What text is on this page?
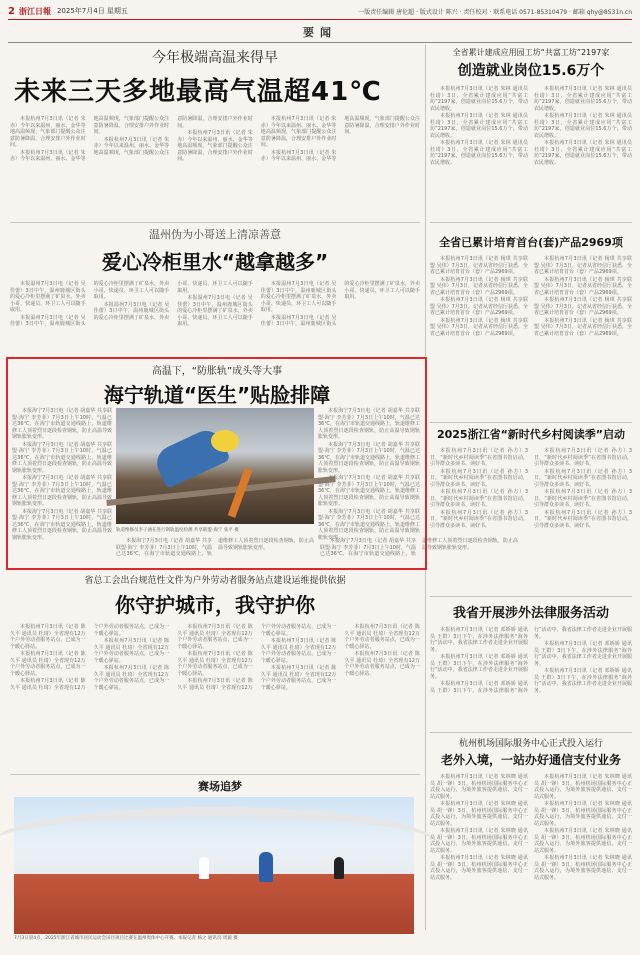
2 浙江日報 2025年7月4日 星期五	一版责任编辑 唐伦超 · 版式设计 陈兴 · 责任校对 · 联系电话 0571-85310479 · 邮箱 qhy@8531n.cn
要闻
今年极端高温来得早
未来三天多地最高气温超41℃

本报杭州7月3日讯（记者 朱赤）今年以来温州、丽水、金华等地高温频现，气象部门提醒公众注意防暑降温，合理安排户外作业时间。

本报杭州7月3日讯（记者 朱赤）今年以来温州、丽水、金华等地高温频现，气象部门提醒公众注意防暑降温，合理安排户外作业时间。

本报杭州7月3日讯（记者 朱赤）今年以来温州、丽水、金华等地高温频现，气象部门提醒公众注意防暑降温，合理安排户外作业时间。

本报杭州7月3日讯（记者 朱赤）今年以来温州、丽水、金华等地高温频现，气象部门提醒公众注意防暑降温，合理安排户外作业时间。

本报杭州7月3日讯（记者 朱赤）今年以来温州、丽水、金华等地高温频现，气象部门提醒公众注意防暑降温，合理安排户外作业时间。

本报杭州7月3日讯（记者 朱赤）今年以来温州、丽水、金华等地高温频现，气象部门提醒公众注意防暑降温，合理安排户外作业时间。

温州伪为小哥送上清凉善意
爱心冷柜里水“越拿越多”

本报温州7月3日电（记者 吴佳蕾）3日中午，温州鹿城区街头的爱心冷柜里摆满了矿泉水，外卖小哥、快递员、环卫工人可以随手取用。

本报温州7月3日电（记者 吴佳蕾）3日中午，温州鹿城区街头的爱心冷柜里摆满了矿泉水，外卖小哥、快递员、环卫工人可以随手取用。

本报温州7月3日电（记者 吴佳蕾）3日中午，温州鹿城区街头的爱心冷柜里摆满了矿泉水，外卖小哥、快递员、环卫工人可以随手取用。

本报温州7月3日电（记者 吴佳蕾）3日中午，温州鹿城区街头的爱心冷柜里摆满了矿泉水，外卖小哥、快递员、环卫工人可以随手取用。

本报温州7月3日电（记者 吴佳蕾）3日中午，温州鹿城区街头的爱心冷柜里摆满了矿泉水，外卖小哥、快递员、环卫工人可以随手取用。

本报温州7月3日电（记者 吴佳蕾）3日中午，温州鹿城区街头的爱心冷柜里摆满了矿泉水，外卖小哥、快递员、环卫工人可以随手取用。

高温下，“防胀轨”成头等大事
海宁轨道“医生”贴脸排障

本报海宁7月3日电（记者 胡嘉华 共享联盟·海宁 李芳菲）7月3日上午10时，气温已达36℃，在海宁市轨道交通线路上，轨道维修工人顶着烈日逐段检查钢轨，防止高温导致钢轨胀轨变形。

本报海宁7月3日电（记者 胡嘉华 共享联盟·海宁 李芳菲）7月3日上午10时，气温已达36℃，在海宁市轨道交通线路上，轨道维修工人顶着烈日逐段检查钢轨，防止高温导致钢轨胀轨变形。

本报海宁7月3日电（记者 胡嘉华 共享联盟·海宁 李芳菲）7月3日上午10时，气温已达36℃，在海宁市轨道交通线路上，轨道维修工人顶着烈日逐段检查钢轨，防止高温导致钢轨胀轨变形。

本报海宁7月3日电（记者 胡嘉华 共享联盟·海宁 李芳菲）7月3日上午10时，气温已达36℃，在海宁市轨道交通线路上，轨道维修工人顶着烈日逐段检查钢轨，防止高温导致钢轨胀轨变形。

轨道维修员李子涵在进行钢轨温度检测 共享联盟·海宁 张平 摄

本报海宁7月3日电（记者 胡嘉华 共享联盟·海宁 李芳菲）7月3日上午10时，气温已达36℃，在海宁市轨道交通线路上，轨道维修工人顶着烈日逐段检查钢轨，防止高温导致钢轨胀轨变形。

本报海宁7月3日电（记者 胡嘉华 共享联盟·海宁 李芳菲）7月3日上午10时，气温已达36℃，在海宁市轨道交通线路上，轨道维修工人顶着烈日逐段检查钢轨，防止高温导致钢轨胀轨变形。

本报海宁7月3日电（记者 胡嘉华 共享联盟·海宁 李芳菲）7月3日上午10时，气温已达36℃，在海宁市轨道交通线路上，轨道维修工人顶着烈日逐段检查钢轨，防止高温导致钢轨胀轨变形。

本报海宁7月3日电（记者 胡嘉华 共享联盟·海宁 李芳菲）7月3日上午10时，气温已达36℃，在海宁市轨道交通线路上，轨道维修工人顶着烈日逐段检查钢轨，防止高温导致钢轨胀轨变形。

本报海宁7月3日电（记者 胡嘉华 共享联盟·海宁 李芳菲）7月3日上午10时，气温已达36℃，在海宁市轨道交通线路上，轨道维修工人顶着烈日逐段检查钢轨，防止高温导致钢轨胀轨变形。

本报海宁7月3日电（记者 胡嘉华 共享联盟·海宁 李芳菲）7月3日上午10时，气温已达36℃，在海宁市轨道交通线路上，轨道维修工人顶着烈日逐段检查钢轨，防止高温导致钢轨胀轨变形。

省总工会出台规范性文件为户外劳动者服务站点建设运维提供依据
你守护城市，我守护你

本报杭州7月3日讯（记者 陈久平 通讯员 杜琦）全省现有12万个户外劳动者服务站点，已成为一个暖心驿站。

本报杭州7月3日讯（记者 陈久平 通讯员 杜琦）全省现有12万个户外劳动者服务站点，已成为一个暖心驿站。

本报杭州7月3日讯（记者 陈久平 通讯员 杜琦）全省现有12万个户外劳动者服务站点，已成为一个暖心驿站。

本报杭州7月3日讯（记者 陈久平 通讯员 杜琦）全省现有12万个户外劳动者服务站点，已成为一个暖心驿站。

本报杭州7月3日讯（记者 陈久平 通讯员 杜琦）全省现有12万个户外劳动者服务站点，已成为一个暖心驿站。

本报杭州7月3日讯（记者 陈久平 通讯员 杜琦）全省现有12万个户外劳动者服务站点，已成为一个暖心驿站。

本报杭州7月3日讯（记者 陈久平 通讯员 杜琦）全省现有12万个户外劳动者服务站点，已成为一个暖心驿站。

本报杭州7月3日讯（记者 陈久平 通讯员 杜琦）全省现有12万个户外劳动者服务站点，已成为一个暖心驿站。

本报杭州7月3日讯（记者 陈久平 通讯员 杜琦）全省现有12万个户外劳动者服务站点，已成为一个暖心驿站。

本报杭州7月3日讯（记者 陈久平 通讯员 杜琦）全省现有12万个户外劳动者服务站点，已成为一个暖心驿站。

本报杭州7月3日讯（记者 陈久平 通讯员 杜琦）全省现有12万个户外劳动者服务站点，已成为一个暖心驿站。

本报杭州7月3日讯（记者 陈久平 通讯员 杜琦）全省现有12万个户外劳动者服务站点，已成为一个暖心驿站。

赛场追梦
7月3日晨4点，2025年浙江省城市居民运动会田径项目比赛在温州奥体中心开赛。本报记者 杨之 通讯员 周毅 摄
全省累计建成应用园工坊“共富工坊”2197家
创造就业岗位15.6万个

本报杭州7月3日讯（记者 朱林 通讯员 杜琦）3日，全省累计建成应用“共富工坊”2197家，创造就业岗位15.6万个，带动农民增收。

本报杭州7月3日讯（记者 朱林 通讯员 杜琦）3日，全省累计建成应用“共富工坊”2197家，创造就业岗位15.6万个，带动农民增收。

本报杭州7月3日讯（记者 朱林 通讯员 杜琦）3日，全省累计建成应用“共富工坊”2197家，创造就业岗位15.6万个，带动农民增收。

本报杭州7月3日讯（记者 朱林 通讯员 杜琦）3日，全省累计建成应用“共富工坊”2197家，创造就业岗位15.6万个，带动农民增收。

本报杭州7月3日讯（记者 朱林 通讯员 杜琦）3日，全省累计建成应用“共富工坊”2197家，创造就业岗位15.6万个，带动农民增收。

本报杭州7月3日讯（记者 朱林 通讯员 杜琦）3日，全省累计建成应用“共富工坊”2197家，创造就业岗位15.6万个，带动农民增收。

全省已累计培育首台(套)产品2969项

本报杭州7月3日讯（记者 杨琪 共享联盟 吴伟）7月3日，记者从省经信厅获悉，全省已累计培育首台（套）产品2969项。

本报杭州7月3日讯（记者 杨琪 共享联盟 吴伟）7月3日，记者从省经信厅获悉，全省已累计培育首台（套）产品2969项。

本报杭州7月3日讯（记者 杨琪 共享联盟 吴伟）7月3日，记者从省经信厅获悉，全省已累计培育首台（套）产品2969项。

本报杭州7月3日讯（记者 杨琪 共享联盟 吴伟）7月3日，记者从省经信厅获悉，全省已累计培育首台（套）产品2969项。

本报杭州7月3日讯（记者 杨琪 共享联盟 吴伟）7月3日，记者从省经信厅获悉，全省已累计培育首台（套）产品2969项。

本报杭州7月3日讯（记者 杨琪 共享联盟 吴伟）7月3日，记者从省经信厅获悉，全省已累计培育首台（套）产品2969项。

本报杭州7月3日讯（记者 杨琪 共享联盟 吴伟）7月3日，记者从省经信厅获悉，全省已累计培育首台（套）产品2969项。

本报杭州7月3日讯（记者 杨琪 共享联盟 吴伟）7月3日，记者从省经信厅获悉，全省已累计培育首台（套）产品2969项。

2025浙江省“新时代乡村阅读季”启动

本报杭州7月3日讯（记者 孙方）3日，“新时代乡村阅读季”在省图书馆启动，引导群众多读书、读好书。

本报杭州7月3日讯（记者 孙方）3日，“新时代乡村阅读季”在省图书馆启动，引导群众多读书、读好书。

本报杭州7月3日讯（记者 孙方）3日，“新时代乡村阅读季”在省图书馆启动，引导群众多读书、读好书。

本报杭州7月3日讯（记者 孙方）3日，“新时代乡村阅读季”在省图书馆启动，引导群众多读书、读好书。

本报杭州7月3日讯（记者 孙方）3日，“新时代乡村阅读季”在省图书馆启动，引导群众多读书、读好书。

本报杭州7月3日讯（记者 孙方）3日，“新时代乡村阅读季”在省图书馆启动，引导群众多读书、读好书。

本报杭州7月3日讯（记者 孙方）3日，“新时代乡村阅读季”在省图书馆启动，引导群众多读书、读好书。

本报杭州7月3日讯（记者 孙方）3日，“新时代乡村阅读季”在省图书馆启动，引导群众多读书、读好书。

我省开展涉外法律服务活动

本报杭州7月3日讯（记者 邓娇娇 通讯员 王群）3日下午，在涉外法律服务“海外行”活动中，我省法律工作者走进企业开展服务。

本报杭州7月3日讯（记者 邓娇娇 通讯员 王群）3日下午，在涉外法律服务“海外行”活动中，我省法律工作者走进企业开展服务。

本报杭州7月3日讯（记者 邓娇娇 通讯员 王群）3日下午，在涉外法律服务“海外行”活动中，我省法律工作者走进企业开展服务。

本报杭州7月3日讯（记者 邓娇娇 通讯员 王群）3日下午，在涉外法律服务“海外行”活动中，我省法律工作者走进企业开展服务。

本报杭州7月3日讯（记者 邓娇娇 通讯员 王群）3日下午，在涉外法律服务“海外行”活动中，我省法律工作者走进企业开展服务。

杭州机场国际服务中心正式投入运行
老外入境，一站办好通信支付业务

本报杭州7月3日讯（记者 朱林晓 通讯员 胡一锋）3日，杭州机场国际服务中心正式投入运行，为境外旅客提供通信、支付一站式服务。

本报杭州7月3日讯（记者 朱林晓 通讯员 胡一锋）3日，杭州机场国际服务中心正式投入运行，为境外旅客提供通信、支付一站式服务。

本报杭州7月3日讯（记者 朱林晓 通讯员 胡一锋）3日，杭州机场国际服务中心正式投入运行，为境外旅客提供通信、支付一站式服务。

本报杭州7月3日讯（记者 朱林晓 通讯员 胡一锋）3日，杭州机场国际服务中心正式投入运行，为境外旅客提供通信、支付一站式服务。

本报杭州7月3日讯（记者 朱林晓 通讯员 胡一锋）3日，杭州机场国际服务中心正式投入运行，为境外旅客提供通信、支付一站式服务。

本报杭州7月3日讯（记者 朱林晓 通讯员 胡一锋）3日，杭州机场国际服务中心正式投入运行，为境外旅客提供通信、支付一站式服务。

本报杭州7月3日讯（记者 朱林晓 通讯员 胡一锋）3日，杭州机场国际服务中心正式投入运行，为境外旅客提供通信、支付一站式服务。

本报杭州7月3日讯（记者 朱林晓 通讯员 胡一锋）3日，杭州机场国际服务中心正式投入运行，为境外旅客提供通信、支付一站式服务。
